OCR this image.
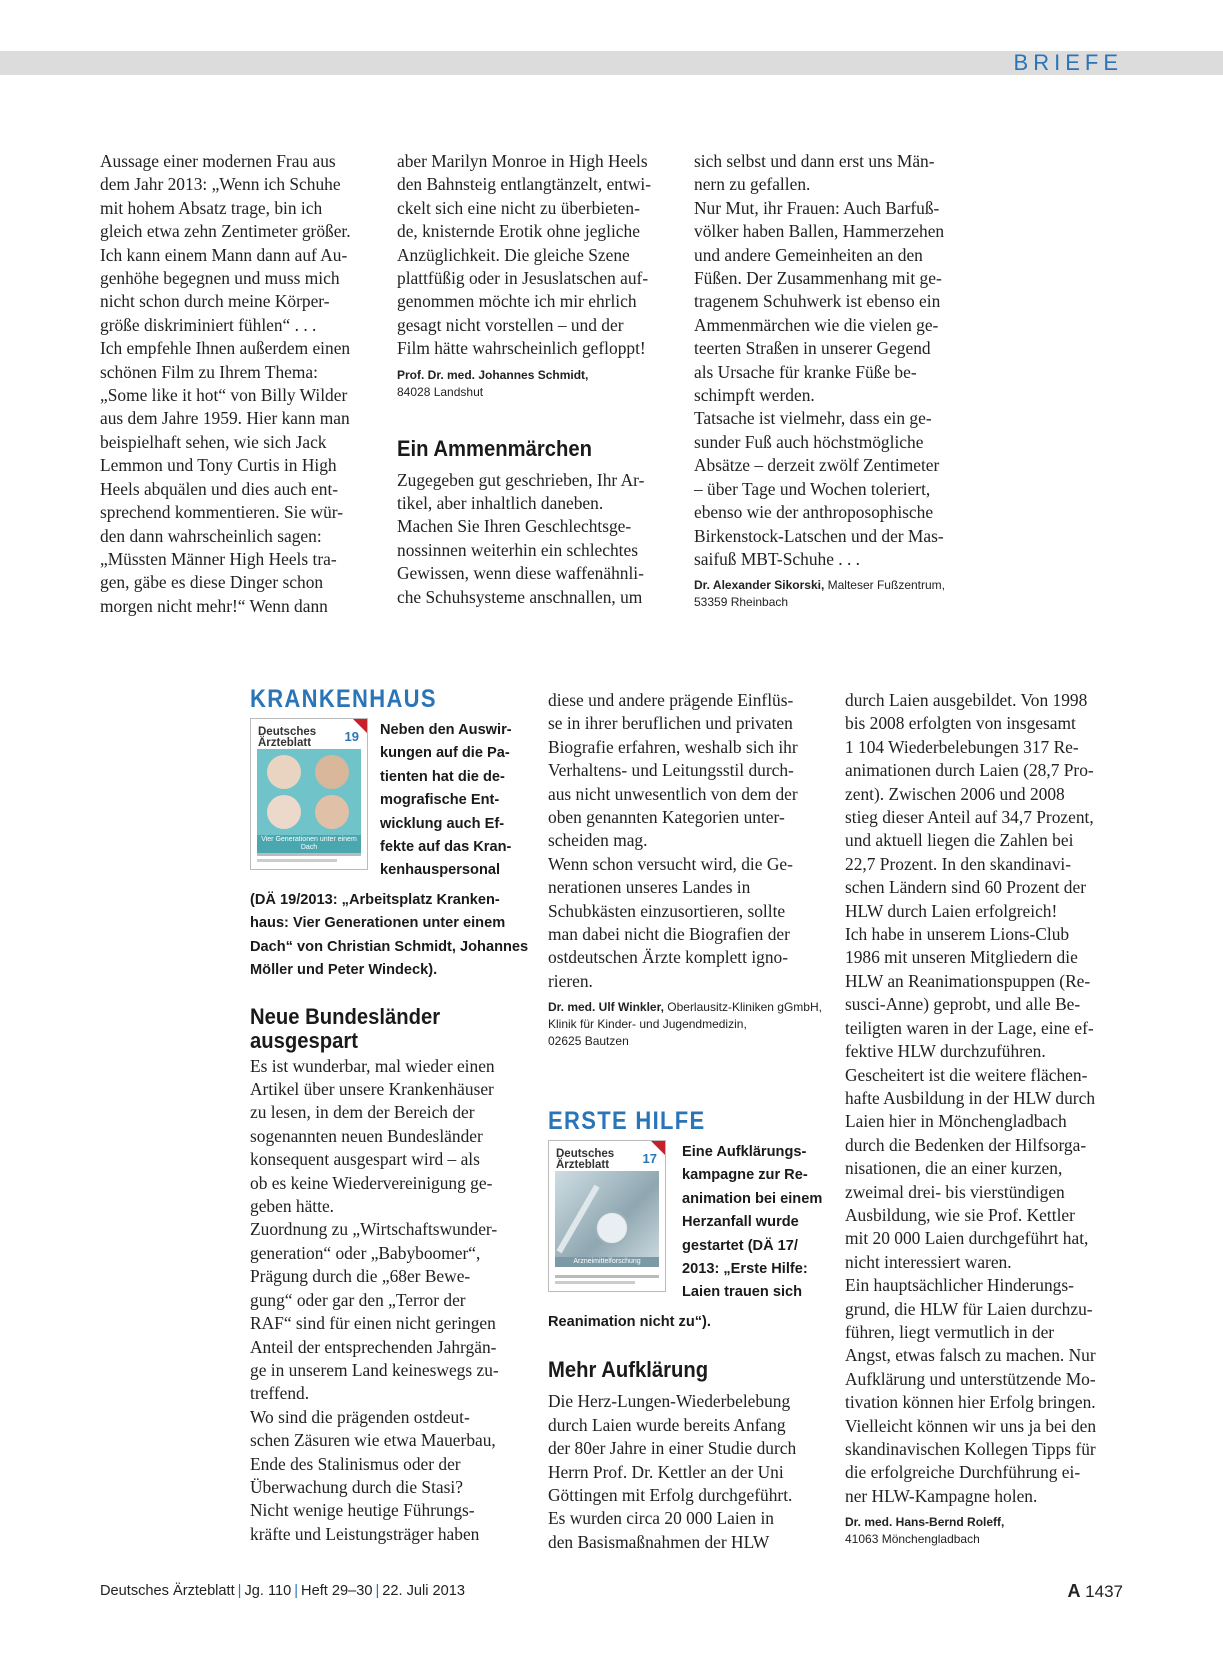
BRIEFE
Aussage einer modernen Frau aus
dem Jahr 2013: „Wenn ich Schuhe
mit hohem Absatz trage, bin ich
gleich etwa zehn Zentimeter größer.
Ich kann einem Mann dann auf Au-
genhöhe begegnen und muss mich
nicht schon durch meine Körper-
größe diskriminiert fühlen“ . . .
Ich empfehle Ihnen außerdem einen
schönen Film zu Ihrem Thema:
„Some like it hot“ von Billy Wilder
aus dem Jahre 1959. Hier kann man
beispielhaft sehen, wie sich Jack
Lemmon und Tony Curtis in High
Heels abquälen und dies auch ent-
sprechend kommentieren. Sie wür-
den dann wahrscheinlich sagen:
„Müssten Männer High Heels tra-
gen, gäbe es diese Dinger schon
morgen nicht mehr!“ Wenn dann
aber Marilyn Monroe in High Heels
den Bahnsteig entlangtänzelt, entwi-
ckelt sich eine nicht zu überbieten-
de, knisternde Erotik ohne jegliche
Anzüglichkeit. Die gleiche Szene
plattfüßig oder in Jesuslatschen auf-
genommen möchte ich mir ehrlich
gesagt nicht vorstellen – und der
Film hätte wahrscheinlich gefloppt!
Prof. Dr. med. Johannes Schmidt,
84028 Landshut
Ein Ammenmärchen
Zugegeben gut geschrieben, Ihr Ar-
tikel, aber inhaltlich daneben.
Machen Sie Ihren Geschlechtsge-
nossinnen weiterhin ein schlechtes
Gewissen, wenn diese waffenähnli-
che Schuhsysteme anschnallen, um
sich selbst und dann erst uns Män-
nern zu gefallen.
Nur Mut, ihr Frauen: Auch Barfuß-
völker haben Ballen, Hammerzehen
und andere Gemeinheiten an den
Füßen. Der Zusammenhang mit ge-
tragenem Schuhwerk ist ebenso ein
Ammenmärchen wie die vielen ge-
teerten Straßen in unserer Gegend
als Ursache für kranke Füße be-
schimpft werden.
Tatsache ist vielmehr, dass ein ge-
sunder Fuß auch höchstmögliche
Absätze – derzeit zwölf Zentimeter
– über Tage und Wochen toleriert,
ebenso wie der anthroposophische
Birkenstock-Latschen und der Mas-
saifuß MBT-Schuhe . . .
Dr. Alexander Sikorski, Malteser Fußzentrum,
53359 Rheinbach
KRANKENHAUS
Deutsches
Ärzteblatt	19
Vier Generationen unter einem Dach
Neben den Auswir-
kungen auf die Pa-
tienten hat die de-
mografische Ent-
wicklung auch Ef-
fekte auf das Kran-
kenhauspersonal
(DÄ 19/2013: „Arbeitsplatz Kranken-
haus: Vier Generationen unter einem
Dach“ von Christian Schmidt, Johannes
Möller und Peter Windeck).
Neue Bundesländer
ausgespart
Es ist wunderbar, mal wieder einen
Artikel über unsere Krankenhäuser
zu lesen, in dem der Bereich der
sogenannten neuen Bundesländer
konsequent ausgespart wird – als
ob es keine Wiedervereinigung ge-
geben hätte.
Zuordnung zu „Wirtschaftswunder-
generation“ oder „Babyboomer“,
Prägung durch die „68er Bewe-
gung“ oder gar den „Terror der
RAF“ sind für einen nicht geringen
Anteil der entsprechenden Jahrgän-
ge in unserem Land keineswegs zu-
treffend.
Wo sind die prägenden ostdeut-
schen Zäsuren wie etwa Mauerbau,
Ende des Stalinismus oder der
Überwachung durch die Stasi?
Nicht wenige heutige Führungs-
kräfte und Leistungsträger haben
diese und andere prägende Einflüs-
se in ihrer beruflichen und privaten
Biografie erfahren, weshalb sich ihr
Verhaltens- und Leitungsstil durch-
aus nicht unwesentlich von dem der
oben genannten Kategorien unter-
scheiden mag.
Wenn schon versucht wird, die Ge-
nerationen unseres Landes in
Schubkästen einzusortieren, sollte
man dabei nicht die Biografien der
ostdeutschen Ärzte komplett igno-
rieren.
Dr. med. Ulf Winkler, Oberlausitz-Kliniken gGmbH,
Klinik für Kinder- und Jugendmedizin,
02625 Bautzen
ERSTE HILFE
Deutsches
Ärzteblatt	17
Arzneimittelforschung
Eine Aufklärungs-
kampagne zur Re-
animation bei einem
Herzanfall wurde
gestartet (DÄ 17/
2013: „Erste Hilfe:
Laien trauen sich
Reanimation nicht zu“).
Mehr Aufklärung
Die Herz-Lungen-Wiederbelebung
durch Laien wurde bereits Anfang
der 80er Jahre in einer Studie durch
Herrn Prof. Dr. Kettler an der Uni
Göttingen mit Erfolg durchgeführt.
Es wurden circa 20 000 Laien in
den Basismaßnahmen der HLW
durch Laien ausgebildet. Von 1998
bis 2008 erfolgten von insgesamt
1 104 Wiederbelebungen 317 Re-
animationen durch Laien (28,7 Pro-
zent). Zwischen 2006 und 2008
stieg dieser Anteil auf 34,7 Prozent,
und aktuell liegen die Zahlen bei
22,7 Prozent. In den skandinavi-
schen Ländern sind 60 Prozent der
HLW durch Laien erfolgreich!
Ich habe in unserem Lions-Club
1986 mit unseren Mitgliedern die
HLW an Reanimationspuppen (Re-
susci-Anne) geprobt, und alle Be-
teiligten waren in der Lage, eine ef-
fektive HLW durchzuführen.
Gescheitert ist die weitere flächen-
hafte Ausbildung in der HLW durch
Laien hier in Mönchengladbach
durch die Bedenken der Hilfsorga-
nisationen, die an einer kurzen,
zweimal drei- bis vierstündigen
Ausbildung, wie sie Prof. Kettler
mit 20 000 Laien durchgeführt hat,
nicht interessiert waren.
Ein hauptsächlicher Hinderungs-
grund, die HLW für Laien durchzu-
führen, liegt vermutlich in der
Angst, etwas falsch zu machen. Nur
Aufklärung und unterstützende Mo-
tivation können hier Erfolg bringen.
Vielleicht können wir uns ja bei den
skandinavischen Kollegen Tipps für
die erfolgreiche Durchführung ei-
ner HLW-Kampagne holen.
Dr. med. Hans-Bernd Roleff,
41063 Mönchengladbach
Deutsches Ärzteblatt | Jg. 110 | Heft 29–30 | 22. Juli 2013	A 1437
